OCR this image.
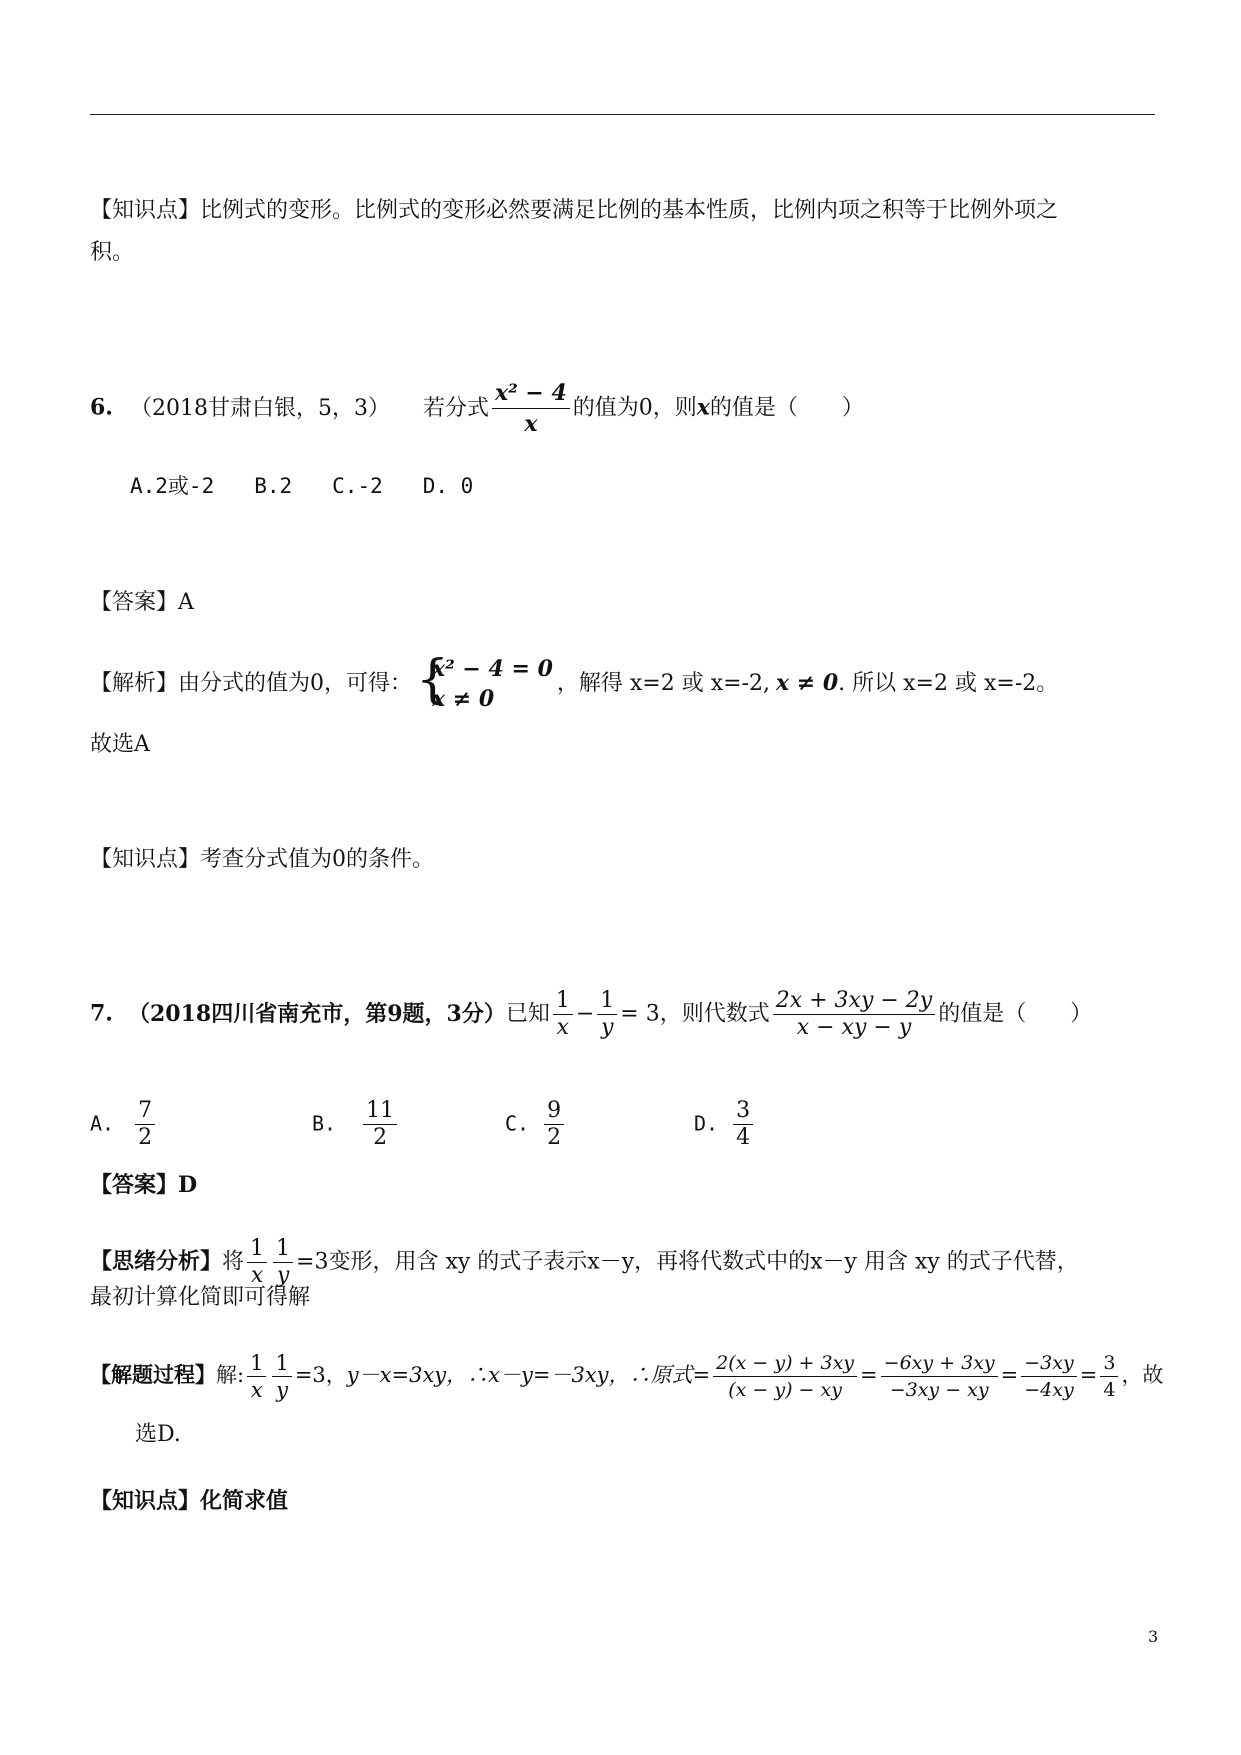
【知识点】比例式的变形。比例式的变形必然要满足比例的基本性质，比例内项之积等于比例外项之
积。
6. （2018甘肃白银，5，3） 若分式 $\frac{\text{x² − 4}}{x}$ 的值为0，则x的值是（　　）
A.2或-2 B.2 C.-2 D. 0
【答案】A
【解析】由分式的值为0，可得： {
x² − 4 = 0
x ≠ 0
，解得 x=2 或 x=-2, x ≠ 0. 所以 x=2 或 x=-2。
故选A
【知识点】考查分式值为0的条件。
7. （2018四川省南充市，第9题，3分）已知 $\frac{1}{x} - \frac{1}{y} = 3$，则代数式 $\frac{2x + 3xy - 2y}{x - xy - y}$ 的值是（　　）
A. $\frac{7}{2}$	B. $\frac{11}{2}$	C. $\frac{9}{2}$	D. $\frac{3}{4}$
【答案】D
【思绪分析】将 $\frac{1}{x} \frac{1}{y} =3$变形，用含 xy 的式子表示x－y，再将代数式中的x－y 用含 xy 的式子代替，
最初计算化简即可得解
【解题过程】解: $\frac{1}{x} \frac{1}{y} =3$，y－x=3xy，∴x－y=－3xy，∴原式= $\frac{2(x - y) + 3xy}{(x - y) - xy} = \frac{-6xy + 3xy}{-3xy - xy} = \frac{-3xy}{-4xy} = \frac{3}{4}$ ，故
选D.
【知识点】化简求值
3
